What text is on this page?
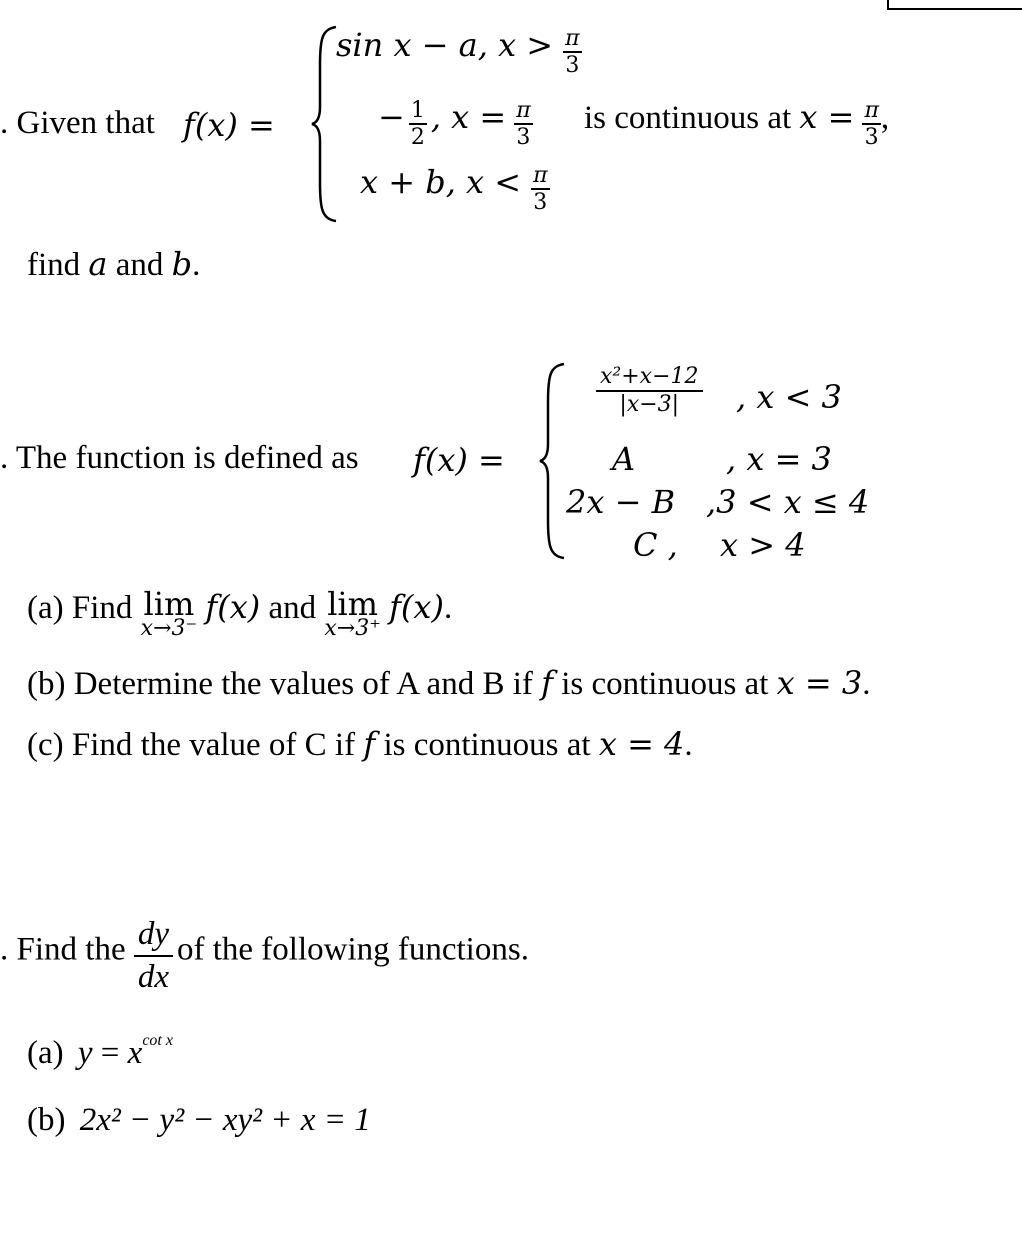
. Given that f(x) =
sin x − a, $x > \frac{\pi}{3}$
− $\frac{1}{2}$ , $x = \frac{\pi}{3}$
x + b, $x < \frac{\pi}{3}$
is continuous at $x = \frac{\pi}{3}$ ,
find a and b.
. The function is defined as f(x) =
$\frac{\text{x²+x−12}}{|x-3|}$ , x < 3
A	, x = 3
2x − B ,3 < x ≤ 4
C , x > 4
(a) Find lim
x→3⁻
f(x) and lim
x→3⁺
f(x).
(b) Determine the values of A and B if f is continuous at x = 3.
(c) Find the value of C if f is continuous at x = 4.
. Find the $\frac{dy}{dx}$ of the following functions.
(a) $y = x^{cot x}$
(b) 2x² − y² − xy² + x = 1
